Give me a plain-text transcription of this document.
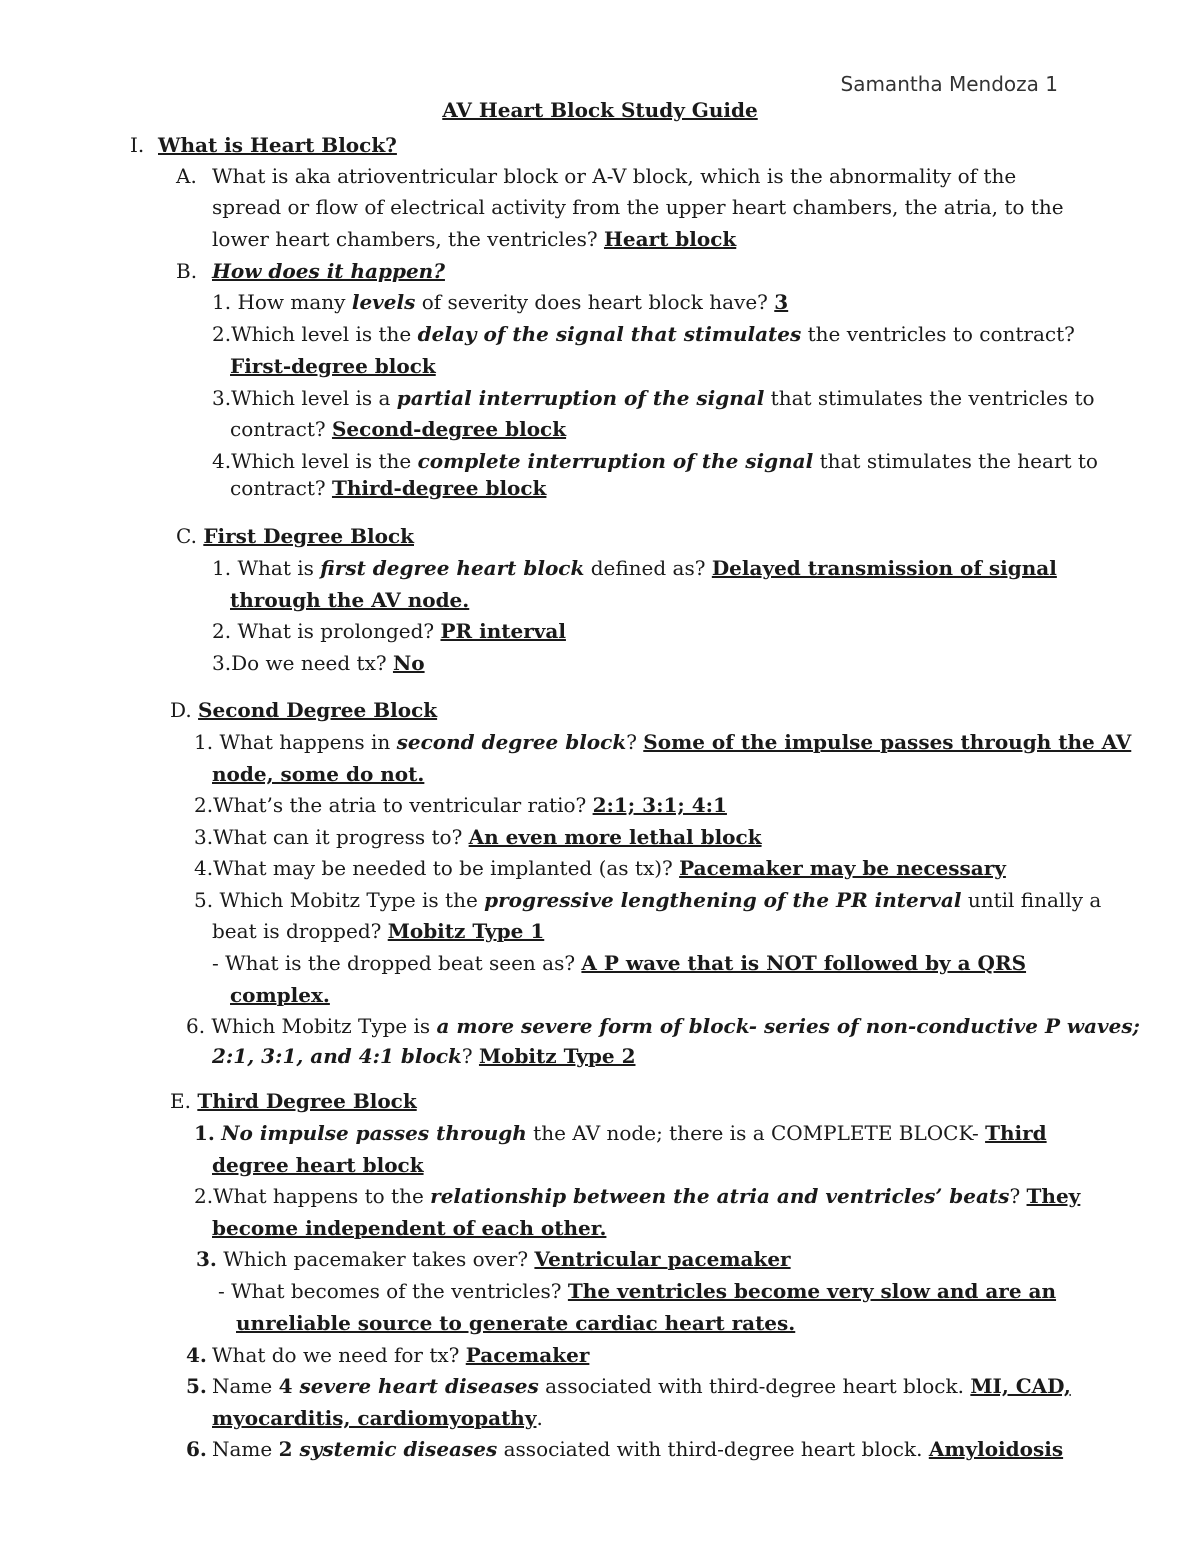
Samantha Mendoza 1
AV Heart Block Study Guide
I. What is Heart Block?
A. What is aka atrioventricular block or A-V block, which is the abnormality of the
spread or flow of electrical activity from the upper heart chambers, the atria, to the
lower heart chambers, the ventricles? Heart block
B. How does it happen?
1. How many levels of severity does heart block have? 3
2.Which level is the delay of the signal that stimulates the ventricles to contract?
First-degree block
3.Which level is a partial interruption of the signal that stimulates the ventricles to
contract? Second-degree block
4.Which level is the complete interruption of the signal that stimulates the heart to
contract? Third-degree block
C. First Degree Block
1. What is first degree heart block defined as? Delayed transmission of signal
through the AV node.
2. What is prolonged? PR interval
3.Do we need tx? No
D. Second Degree Block
1. What happens in second degree block? Some of the impulse passes through the AV
node, some do not.
2.What’s the atria to ventricular ratio? 2:1; 3:1; 4:1
3.What can it progress to? An even more lethal block
4.What may be needed to be implanted (as tx)? Pacemaker may be necessary
5. Which Mobitz Type is the progressive lengthening of the PR interval until finally a
beat is dropped? Mobitz Type 1
- What is the dropped beat seen as? A P wave that is NOT followed by a QRS
complex.
6. Which Mobitz Type is a more severe form of block- series of non-conductive P waves;
2:1, 3:1, and 4:1 block? Mobitz Type 2
E. Third Degree Block
1. No impulse passes through the AV node; there is a COMPLETE BLOCK- Third
degree heart block
2.What happens to the relationship between the atria and ventricles’ beats? They
become independent of each other.
3. Which pacemaker takes over? Ventricular pacemaker
- What becomes of the ventricles? The ventricles become very slow and are an
unreliable source to generate cardiac heart rates.
4. What do we need for tx? Pacemaker
5. Name 4 severe heart diseases associated with third-degree heart block. MI, CAD,
myocarditis, cardiomyopathy.
6. Name 2 systemic diseases associated with third-degree heart block. Amyloidosis
